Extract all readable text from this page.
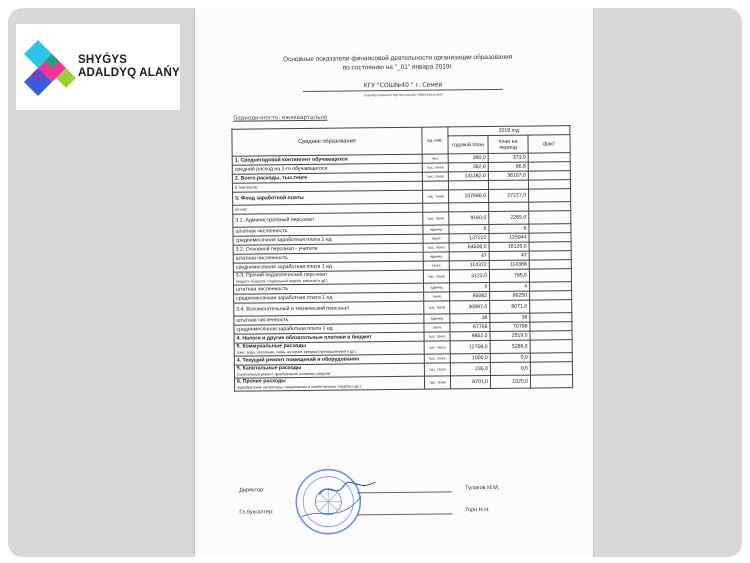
SHYǴYS
ADALDYQ ALAŃY
Основные показатели финансовой деятельности организации образования
по состоянию на "_01" январа 2019г.
КГУ "СОШ№40 " г. Семей
(наименование организации образования)
Периодичность: ежеквартально
Среднее образование	ед. изм.	2019 год		
		годовой план	план на период	факт

1. Среднегодовой контингент обучающихся	чел.	390,0	373,0	

средний расход на 1-го обучающегося	тыс. тенге	362,0	96,8	

2. Всего расходы, тыс.тенге	тыс. тенге	141182,0	36107,0	

в том числе:				

3. Фонд заработной платы	тыс. тенге	107686,0	27277,0	

из них:				

3.1. Администратвный персонал	тыс. тенге	9160,0	2265,0	

штатная численность	единиц	6	6	

среднемесячная заработная плата 1 ед	тенге	127222	125944	

3.2. Основной персонал - учителя	тыс. тенге	64506,0	16126,0	

штатная численность	единиц	47	47	

среднемесячная заработная плата 1 ед	тенге	114372	114368	

3.3. Прочий педагогический персонал
(педагог-психолог, социальный педагог, вожатый и др.)	тыс. тенге	3123,0	795,0	

штатная численность	единиц	4	4	

среднемесячная заработная плата 1 ед	тенге	65062	66250	

3.4. Вспомогательный и технический персонал	тыс. тенге	30897,0	8071,0	

штатная численность	единиц	38	38	

среднемесячная заработная плата 1 ед	тенге	67756	70798	

4. Налоги и другие обязательные платежи в бюджет	тыс. тенге	9852,0	2519,0	

5. Коммунальные расходы
(свет, вода, отопление, связь, интернет, вредный промышленный и др.)	тыс. тенге	12708,0	5286,0	

4. Текущий ремонт помещений и оборудования	тыс. тенге	1000,0	0,0	

5. Капитальные расходы
(капитальный ремонт, приобретение основных средств)	тыс. тенге	235,0	0,0	

6. Прочие расходы
(приобретение литературы, канцелярских и хозяйственных товаров и др.)	тыс. тенге	9701,0	1025,0	
Директор:	Тулаков М.М.
Гл.бухгалтер:	Горн Н.Н.
